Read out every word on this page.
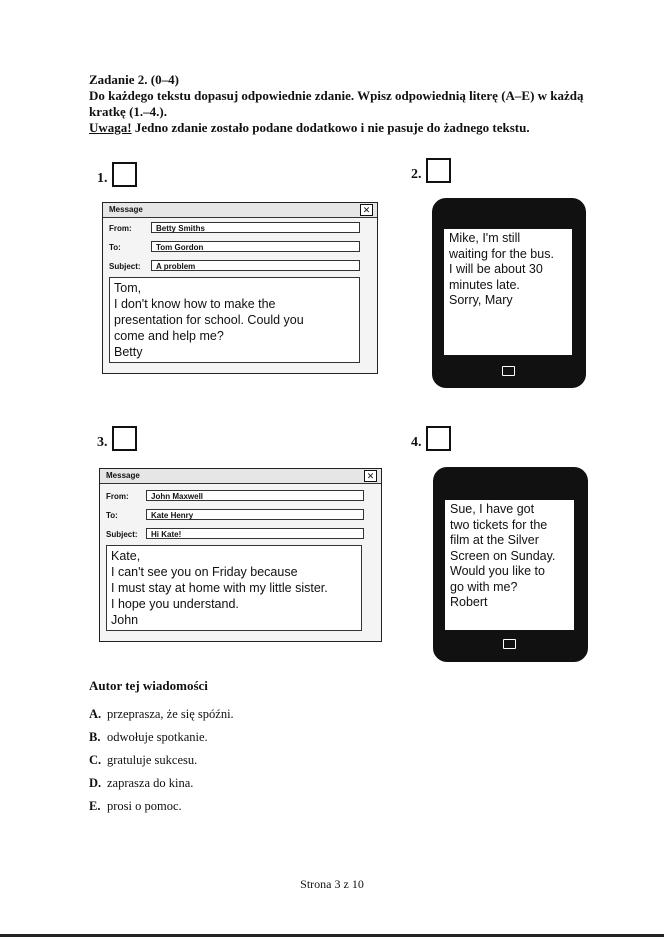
Zadanie 2. (0–4)

Do każdego tekstu dopasuj odpowiednie zdanie. Wpisz odpowiednią literę (A–E) w każdą kratkę (1.–4.).

Uwaga! Jedno zdanie zostało podane dodatkowo i nie pasuje do żadnego tekstu.

1.	2.
Message	✕
From:	Betty Smiths
To:	Tom Gordon
Subject:	A problem
Tom,
I don't know how to make the
presentation for school. Could you
come and help me?
Betty
Mike, I'm still
waiting for the bus.
I will be about 30
minutes late.
Sorry, Mary
3.	4.
Message	✕
From:	John Maxwell
To:	Kate Henry
Subject:	Hi Kate!
Kate,
I can't see you on Friday because
I must stay at home with my little sister.
I hope you understand.
John
Sue, I have got
two tickets for the
film at the Silver
Screen on Sunday.
Would you like to
go with me?
Robert
Autor tej wiadomości
A. przeprasza, że się spóźni.
B. odwołuje spotkanie.
C. gratuluje sukcesu.
D. zaprasza do kina.
E. prosi o pomoc.
Strona 3 z 10
